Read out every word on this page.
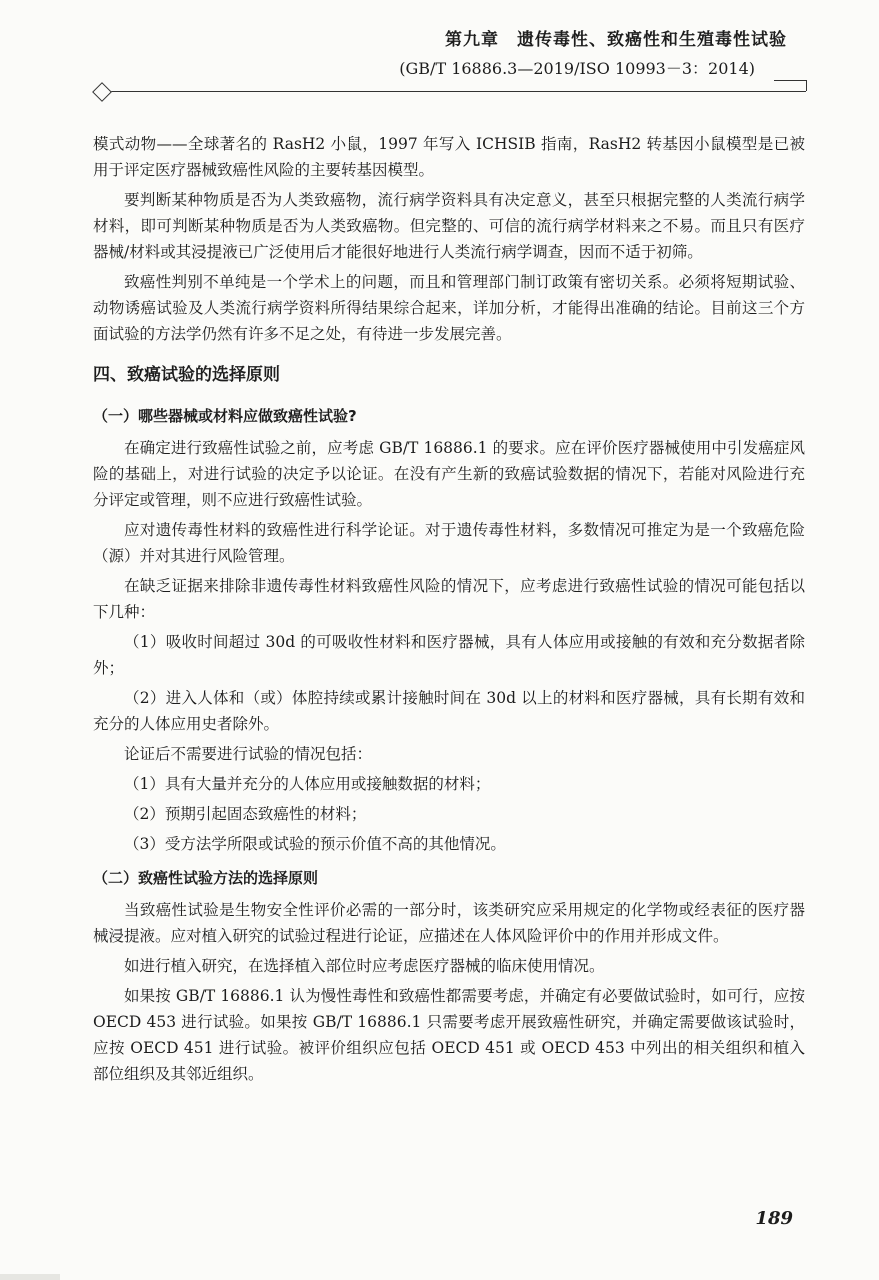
第九章　遗传毒性、致癌性和生殖毒性试验
(GB/T 16886.3—2019/ISO 10993－3：2014)

模式动物——全球著名的 RasH2 小鼠，1997 年写入 ICHSIB 指南，RasH2 转基因小鼠模型是已被用于评定医疗器械致癌性风险的主要转基因模型。

要判断某种物质是否为人类致癌物，流行病学资料具有决定意义，甚至只根据完整的人类流行病学材料，即可判断某种物质是否为人类致癌物。但完整的、可信的流行病学材料来之不易。而且只有医疗器械/材料或其浸提液已广泛使用后才能很好地进行人类流行病学调查，因而不适于初筛。

致癌性判别不单纯是一个学术上的问题，而且和管理部门制订政策有密切关系。必须将短期试验、动物诱癌试验及人类流行病学资料所得结果综合起来，详加分析，才能得出准确的结论。目前这三个方面试验的方法学仍然有许多不足之处，有待进一步发展完善。

四、致癌试验的选择原则
（一）哪些器械或材料应做致癌性试验?

在确定进行致癌性试验之前，应考虑 GB/T 16886.1 的要求。应在评价医疗器械使用中引发癌症风险的基础上，对进行试验的决定予以论证。在没有产生新的致癌试验数据的情况下，若能对风险进行充分评定或管理，则不应进行致癌性试验。

应对遗传毒性材料的致癌性进行科学论证。对于遗传毒性材料，多数情况可推定为是一个致癌危险（源）并对其进行风险管理。

在缺乏证据来排除非遗传毒性材料致癌性风险的情况下，应考虑进行致癌性试验的情况可能包括以下几种：

（1）吸收时间超过 30d 的可吸收性材料和医疗器械，具有人体应用或接触的有效和充分数据者除外；

（2）进入人体和（或）体腔持续或累计接触时间在 30d 以上的材料和医疗器械，具有长期有效和充分的人体应用史者除外。

论证后不需要进行试验的情况包括：

（1）具有大量并充分的人体应用或接触数据的材料；

（2）预期引起固态致癌性的材料；

（3）受方法学所限或试验的预示价值不高的其他情况。

（二）致癌性试验方法的选择原则

当致癌性试验是生物安全性评价必需的一部分时，该类研究应采用规定的化学物或经表征的医疗器械浸提液。应对植入研究的试验过程进行论证，应描述在人体风险评价中的作用并形成文件。

如进行植入研究，在选择植入部位时应考虑医疗器械的临床使用情况。

如果按 GB/T 16886.1 认为慢性毒性和致癌性都需要考虑，并确定有必要做试验时，如可行，应按 OECD 453 进行试验。如果按 GB/T 16886.1 只需要考虑开展致癌性研究，并确定需要做该试验时，应按 OECD 451 进行试验。被评价组织应包括 OECD 451 或 OECD 453 中列出的相关组织和植入部位组织及其邻近组织。

189
